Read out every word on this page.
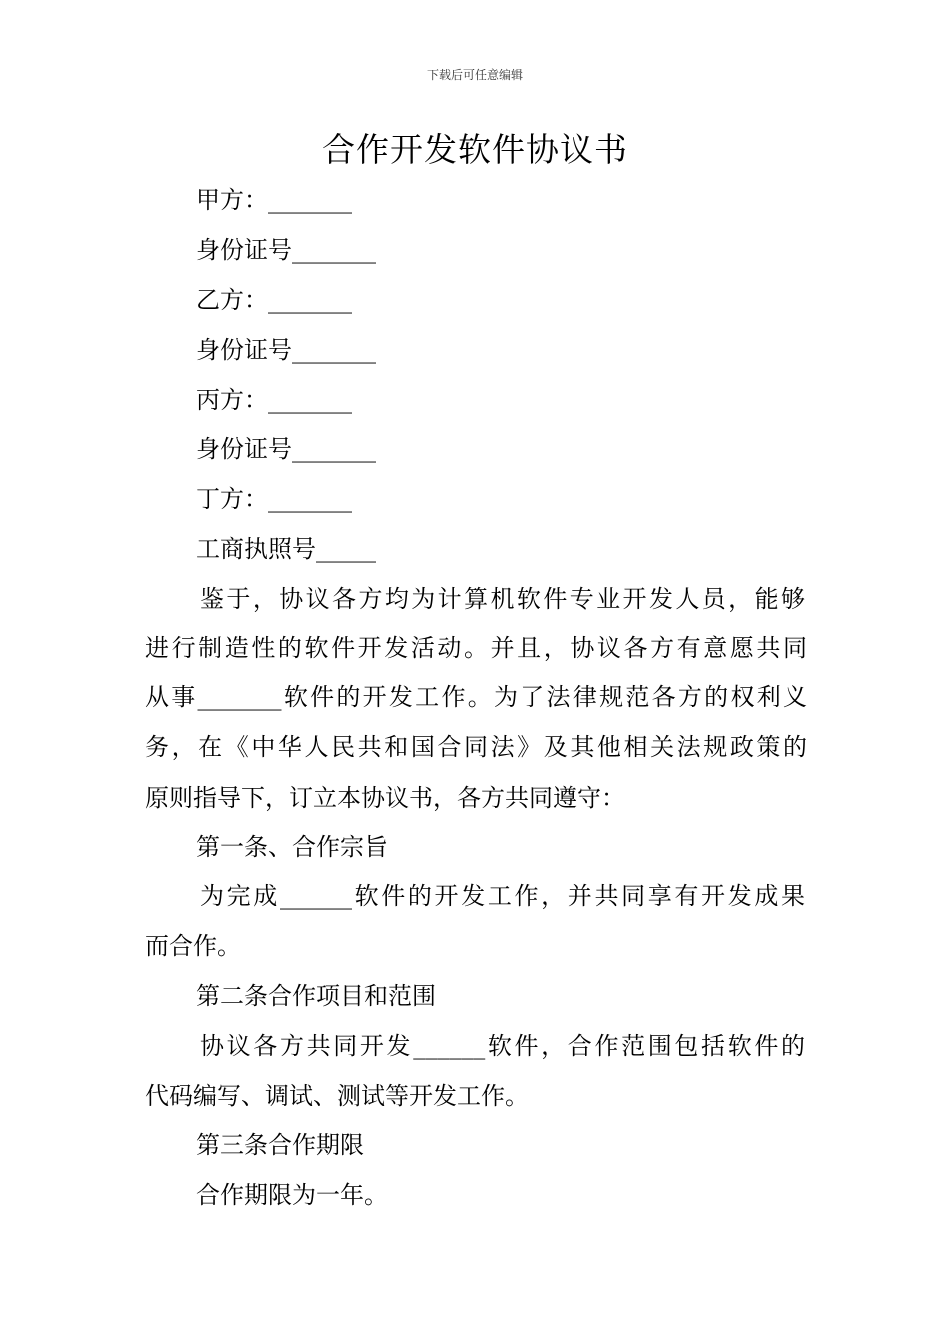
下载后可任意编辑
合作开发软件协议书
甲方：_______
身份证号_______
乙方：_______
身份证号_______
丙方：_______
身份证号_______
丁方：_______
工商执照号_____
鉴于，协议各方均为计算机软件专业开发人员，能够
进行制造性的软件开发活动。并且，协议各方有意愿共同
从事_______软件的开发工作。为了法律规范各方的权利义
务，在《中华人民共和国合同法》及其他相关法规政策的
原则指导下，订立本协议书，各方共同遵守：
第一条、合作宗旨
为完成______软件的开发工作，并共同享有开发成果
而合作。
第二条合作项目和范围
协议各方共同开发______软件，合作范围包括软件的
代码编写、调试、测试等开发工作。
第三条合作期限
合作期限为一年。
